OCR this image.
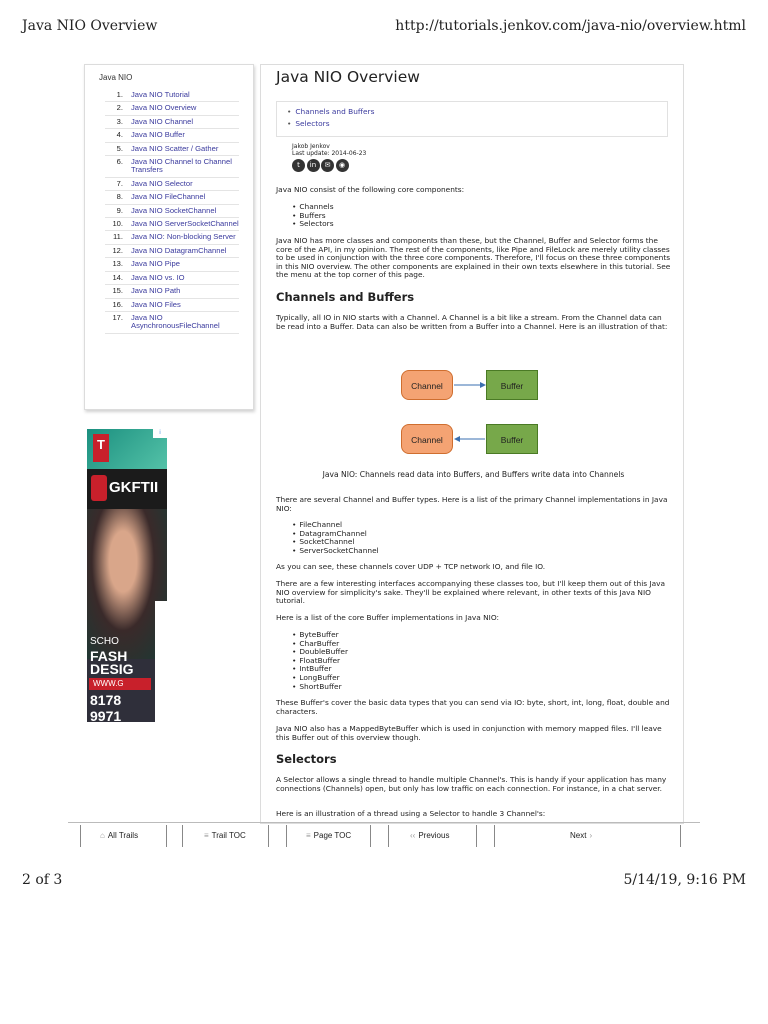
Java NIO Overview	http://tutorials.jenkov.com/java-nio/overview.html
Java NIO
1.	Java NIO Tutorial
2.	Java NIO Overview
3.	Java NIO Channel
4.	Java NIO Buffer
5.	Java NIO Scatter / Gather
6.	Java NIO Channel to Channel Transfers
7.	Java NIO Selector
8.	Java NIO FileChannel
9.	Java NIO SocketChannel
10.	Java NIO ServerSocketChannel
11.	Java NIO: Non-blocking Server
12.	Java NIO DatagramChannel
13.	Java NIO Pipe
14.	Java NIO vs. IO
15.	Java NIO Path
16.	Java NIO Files
17.	Java NIO AsynchronousFileChannel
T
i
GKFTII
SCHO
FASH
DESIG
WWW.G
8178
9971
Java NIO Overview
• Channels and Buffers
• Selectors
Jakob Jenkov
Last update: 2014-06-23
t	in	✉	◉

Java NIO consist of the following core components:

• Channels
• Buffers
• Selectors

Java NIO has more classes and components than these, but the Channel, Buffer and Selector forms the core of the API, in my opinion. The rest of the components, like Pipe and FileLock are merely utility classes to be used in conjunction with the three core components. Therefore, I'll focus on these three components in this NIO overview. The other components are explained in their own texts elsewhere in this tutorial. See the menu at the top corner of this page.

Channels and Buffers

Typically, all IO in NIO starts with a Channel. A Channel is a bit like a stream. From the Channel data can be read into a Buffer. Data can also be written from a Buffer into a Channel. Here is an illustration of that:

Channel	Buffer
Channel	Buffer
Java NIO: Channels read data into Buffers, and Buffers write data into Channels

There are several Channel and Buffer types. Here is a list of the primary Channel implementations in Java NIO:

• FileChannel
• DatagramChannel
• SocketChannel
• ServerSocketChannel

As you can see, these channels cover UDP + TCP network IO, and file IO.

There are a few interesting interfaces accompanying these classes too, but I'll keep them out of this Java NIO overview for simplicity's sake. They'll be explained where relevant, in other texts of this Java NIO tutorial.

Here is a list of the core Buffer implementations in Java NIO:

• ByteBuffer
• CharBuffer
• DoubleBuffer
• FloatBuffer
• IntBuffer
• LongBuffer
• ShortBuffer

These Buffer's cover the basic data types that you can send via IO: byte, short, int, long, float, double and characters.

Java NIO also has a MappedByteBuffer which is used in conjunction with memory mapped files. I'll leave this Buffer out of this overview though.

Selectors

A Selector allows a single thread to handle multiple Channel's. This is handy if your application has many connections (Channels) open, but only has low traffic on each connection. For instance, in a chat server.

Here is an illustration of a thread using a Selector to handle 3 Channel's:

⌂ All Trails	≡ Trail TOC	≡ Page TOC	‹‹ Previous	Next ›
2 of 3	5/14/19, 9:16 PM
